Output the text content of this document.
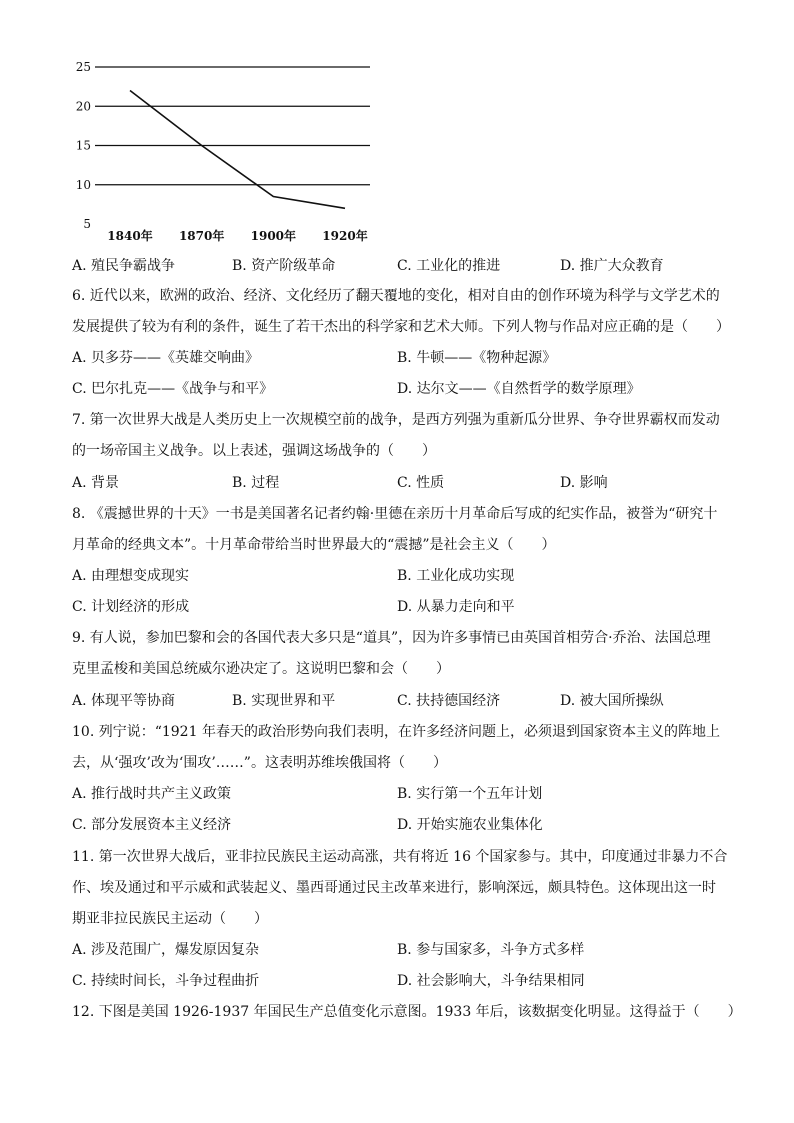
5
10
15
20
25
1840年 1870年 1900年 1920年
A. 殖民争霸战争	B. 资产阶级革命	C. 工业化的推进	D. 推广大众教育
6. 近代以来，欧洲的政治、经济、文化经历了翻天覆地的变化，相对自由的创作环境为科学与文学艺术的
发展提供了较为有利的条件，诞生了若干杰出的科学家和艺术大师。下列人物与作品对应正确的是（　　）
A. 贝多芬——《英雄交响曲》	B. 牛顿——《物种起源》
C. 巴尔扎克——《战争与和平》	D. 达尔文——《自然哲学的数学原理》
7. 第一次世界大战是人类历史上一次规模空前的战争，是西方列强为重新瓜分世界、争夺世界霸权而发动
的一场帝国主义战争。以上表述，强调这场战争的（　　）
A. 背景	B. 过程	C. 性质	D. 影响
8. 《震撼世界的十天》一书是美国著名记者约翰·里德在亲历十月革命后写成的纪实作品，被誉为“研究十
月革命的经典文本”。十月革命带给当时世界最大的“震撼”是社会主义（　　）
A. 由理想变成现实	B. 工业化成功实现
C. 计划经济的形成	D. 从暴力走向和平
9. 有人说，参加巴黎和会的各国代表大多只是“道具”，因为许多事情已由英国首相劳合·乔治、法国总理
克里孟梭和美国总统威尔逊决定了。这说明巴黎和会（　　）
A. 体现平等协商	B. 实现世界和平	C. 扶持德国经济	D. 被大国所操纵
10. 列宁说：“1921 年春天的政治形势向我们表明，在许多经济问题上，必须退到国家资本主义的阵地上
去，从‘强攻’改为‘围攻’……”。这表明苏维埃俄国将（　　）
A. 推行战时共产主义政策	B. 实行第一个五年计划
C. 部分发展资本主义经济	D. 开始实施农业集体化
11. 第一次世界大战后，亚非拉民族民主运动高涨，共有将近 16 个国家参与。其中，印度通过非暴力不合
作、埃及通过和平示威和武装起义、墨西哥通过民主改革来进行，影响深远，颇具特色。这体现出这一时
期亚非拉民族民主运动（　　）
A. 涉及范围广，爆发原因复杂	B. 参与国家多，斗争方式多样
C. 持续时间长，斗争过程曲折	D. 社会影响大，斗争结果相同
12. 下图是美国 1926-1937 年国民生产总值变化示意图。1933 年后，该数据变化明显。这得益于（　　）
